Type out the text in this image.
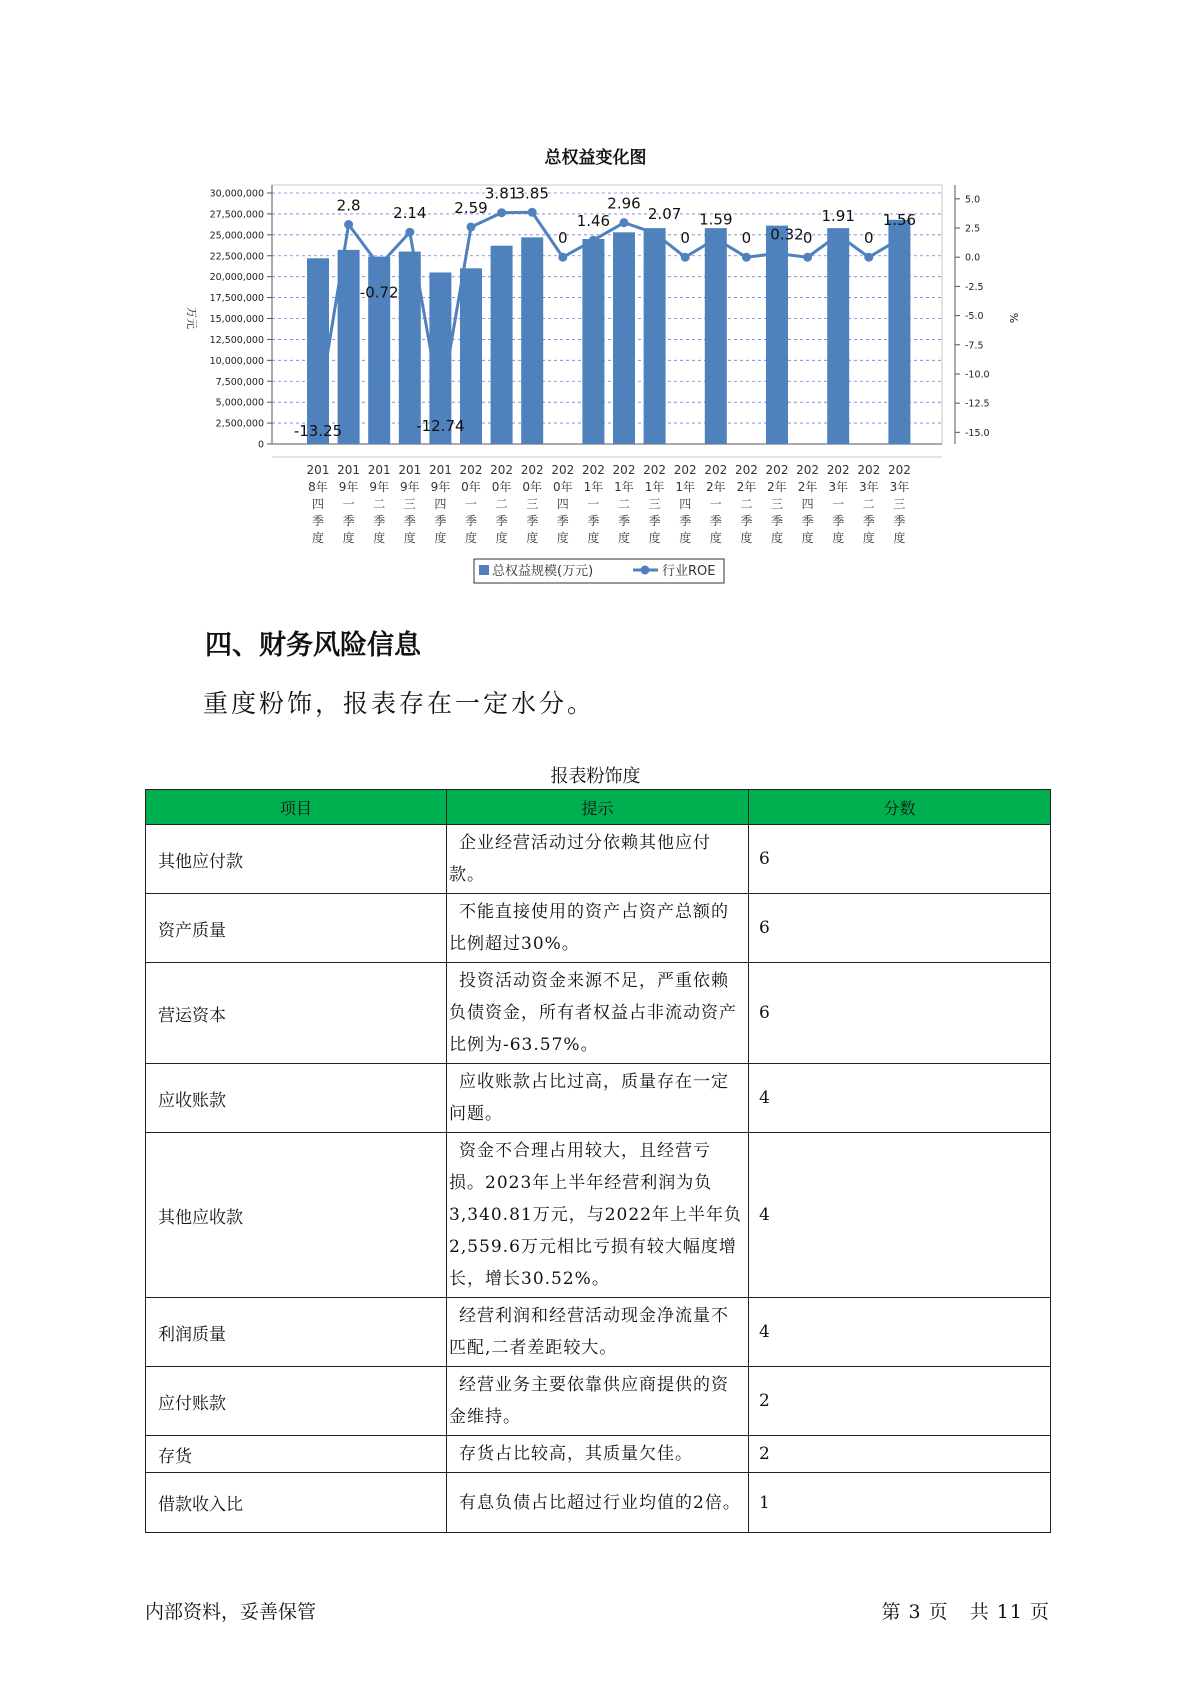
总权益变化图
0
2,500,000
5,000,000
7,500,000
10,000,000
12,500,000
15,000,000
17,500,000
20,000,000
22,500,000
25,000,000
27,500,000
30,000,000
万元
5.0
2.5
0.0
-2.5
-5.0
-7.5
-10.0
-12.5
-15.0
%
-13.25
2.8
-0.72
2.14
-12.74
2.59
3.81
3.85
0
1.46
2.96
2.07
0
1.59
0 0.32 0
1.91
0
1.56
201 8年四季度
201 9年一季度
201 9年二季度
201 9年三季度
201 9年四季度
202 0年一季度
202 0年二季度
202 0年三季度
202 0年四季度
202 1年一季度
202 1年二季度
202 1年三季度
202 1年四季度
202 2年一季度
202 2年二季度
202 2年三季度
202 2年四季度
202 3年一季度
202 3年二季度
202 3年三季度
总权益规模(万元)	行业ROE
四、财务风险信息
重度粉饰，报表存在一定水分。
报表粉饰度
项目	提示	分数
其他应付款	企业经营活动过分依赖其他应付款。	6
资产质量	不能直接使用的资产占资产总额的比例超过30%。	6
营运资本	投资活动资金来源不足，严重依赖负债资金，所有者权益占非流动资产比例为-63.57%。	6
应收账款	应收账款占比过高，质量存在一定问题。	4
其他应收款	资金不合理占用较大，且经营亏损。2023年上半年经营利润为负3,340.81万元，与2022年上半年负2,559.6万元相比亏损有较大幅度增长，增长30.52%。	4
利润质量	经营利润和经营活动现金净流量不匹配,二者差距较大。	4
应付账款	经营业务主要依靠供应商提供的资金维持。	2
存货	存货占比较高，其质量欠佳。	2
借款收入比	有息负债占比超过行业均值的2倍。	1
内部资料，妥善保管	第 3 页   共 11 页
